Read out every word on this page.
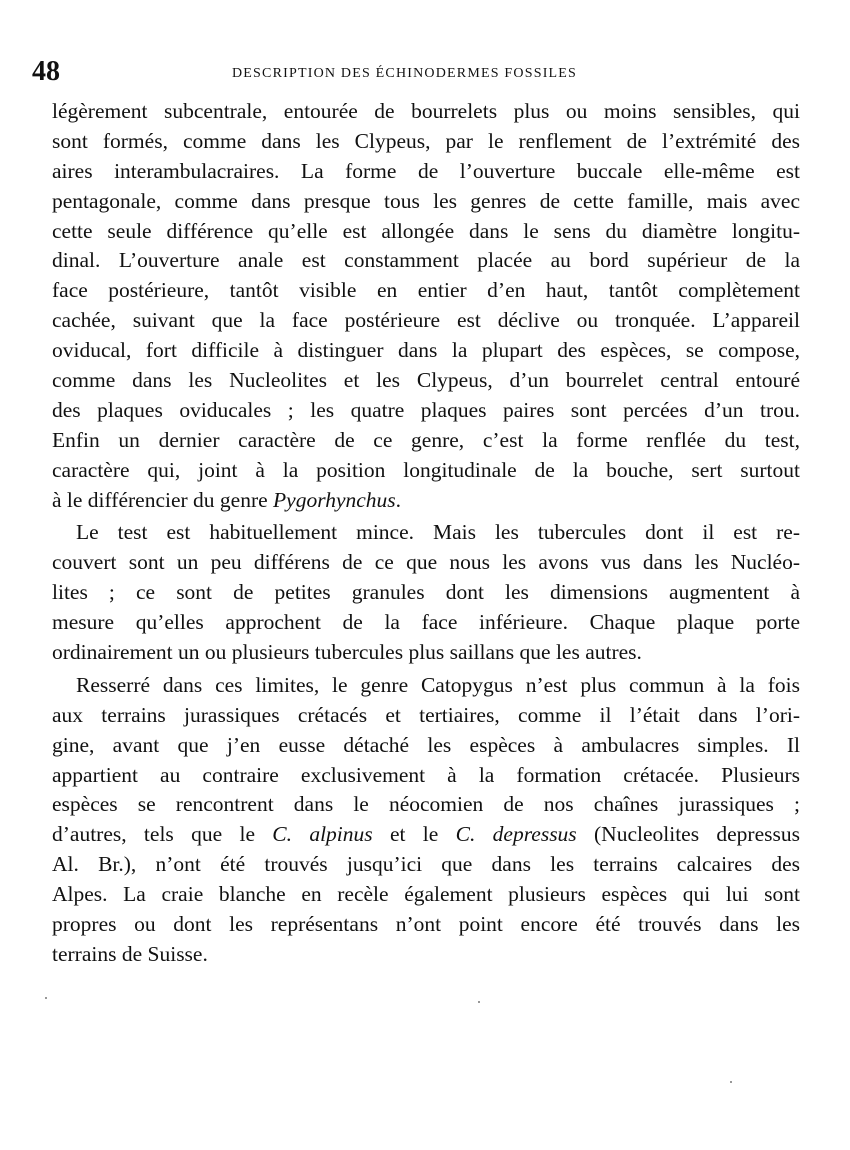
48	DESCRIPTION DES ÉCHINODERMES FOSSILES
légèrement subcentrale, entourée de bourrelets plus ou moins sensibles, qui
sont formés, comme dans les Clypeus, par le renflement de l’extrémité des
aires interambulacraires. La forme de l’ouverture buccale elle-même est
pentagonale, comme dans presque tous les genres de cette famille, mais avec
cette seule différence qu’elle est allongée dans le sens du diamètre longitu-
dinal. L’ouverture anale est constamment placée au bord supérieur de la
face postérieure, tantôt visible en entier d’en haut, tantôt complètement
cachée, suivant que la face postérieure est déclive ou tronquée. L’appareil
oviducal, fort difficile à distinguer dans la plupart des espèces, se compose,
comme dans les Nucleolites et les Clypeus, d’un bourrelet central entouré
des plaques oviducales ; les quatre plaques paires sont percées d’un trou.
Enfin un dernier caractère de ce genre, c’est la forme renflée du test,
caractère qui, joint à la position longitudinale de la bouche, sert surtout
à le différencier du genre Pygorhynchus.
Le test est habituellement mince. Mais les tubercules dont il est re-
couvert sont un peu différens de ce que nous les avons vus dans les Nucléo-
lites ; ce sont de petites granules dont les dimensions augmentent à
mesure qu’elles approchent de la face inférieure. Chaque plaque porte
ordinairement un ou plusieurs tubercules plus saillans que les autres.
Resserré dans ces limites, le genre Catopygus n’est plus commun à la fois
aux terrains jurassiques crétacés et tertiaires, comme il l’était dans l’ori-
gine, avant que j’en eusse détaché les espèces à ambulacres simples. Il
appartient au contraire exclusivement à la formation crétacée. Plusieurs
espèces se rencontrent dans le néocomien de nos chaînes jurassiques ;
d’autres, tels que le C. alpinus et le C. depressus (Nucleolites depressus
Al. Br.), n’ont été trouvés jusqu’ici que dans les terrains calcaires des
Alpes. La craie blanche en recèle également plusieurs espèces qui lui sont
propres ou dont les représentans n’ont point encore été trouvés dans les
terrains de Suisse.
